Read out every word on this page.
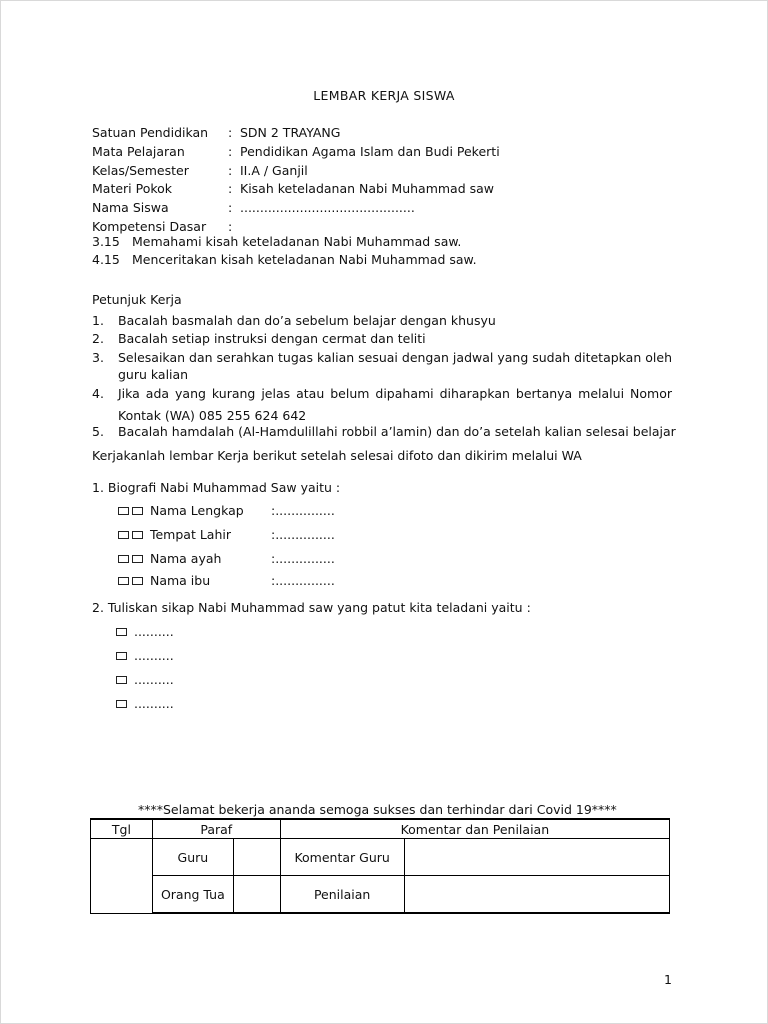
LEMBAR KERJA SISWA
Satuan Pendidikan : SDN 2 TRAYANG
Mata Pelajaran	: Pendidikan Agama Islam dan Budi Pekerti
Kelas/Semester	: II.A / Ganjil
Materi Pokok	: Kisah keteladanan Nabi Muhammad saw
Nama Siswa	: ............................................
Kompetensi Dasar :
3.15 Memahami kisah keteladanan Nabi Muhammad saw.
4.15 Menceritakan kisah keteladanan Nabi Muhammad saw.
Petunjuk Kerja
1. Bacalah basmalah dan do’a sebelum belajar dengan khusyu
2. Bacalah setiap instruksi dengan cermat dan teliti
3. Selesaikan dan serahkan tugas kalian sesuai dengan jadwal yang sudah ditetapkan oleh
guru kalian
4. Jika ada yang kurang jelas atau belum dipahami diharapkan bertanya melalui Nomor
Kontak (WA) 085 255 624 642
5. Bacalah hamdalah (Al-Hamdulillahi robbil a’lamin) dan do’a setelah kalian selesai belajar
Kerjakanlah lembar Kerja berikut setelah selesai difoto dan dikirim melalui WA
1. Biografi Nabi Muhammad Saw yaitu :
Nama Lengkap :...............
Tempat Lahir	:...............
Nama ayah	:...............
Nama ibu	:...............
2. Tuliskan sikap Nabi Muhammad saw yang patut kita teladani yaitu :
..........
..........
..........
..........
****Selamat bekerja ananda semoga sukses dan terhindar dari Covid 19****
Tgl	Paraf		Komentar dan Penilaian	
	Guru		Komentar Guru	
	Orang Tua		Penilaian	
1
